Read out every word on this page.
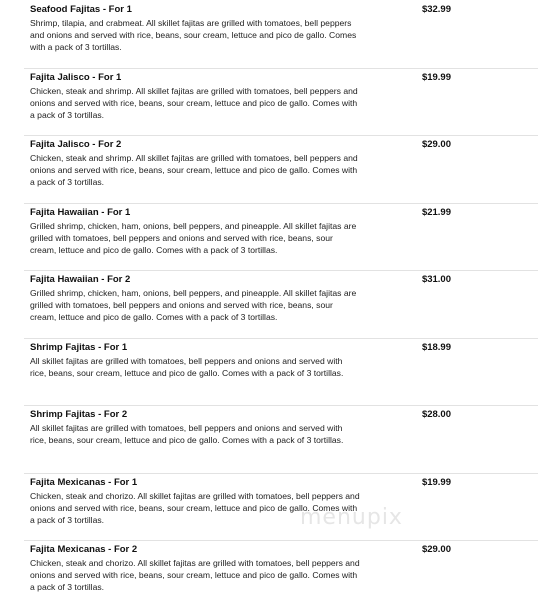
Seafood Fajitas - For 1	$32.99
Shrimp, tilapia, and crabmeat. All skillet fajitas are grilled with tomatoes, bell peppers and onions and served with rice, beans, sour cream, lettuce and pico de gallo. Comes with a pack of 3 tortillas.
Fajita Jalisco - For 1	$19.99
Chicken, steak and shrimp. All skillet fajitas are grilled with tomatoes, bell peppers and onions and served with rice, beans, sour cream, lettuce and pico de gallo. Comes with a pack of 3 tortillas.
Fajita Jalisco - For 2	$29.00
Chicken, steak and shrimp. All skillet fajitas are grilled with tomatoes, bell peppers and onions and served with rice, beans, sour cream, lettuce and pico de gallo. Comes with a pack of 3 tortillas.
Fajita Hawaiian - For 1	$21.99
Grilled shrimp, chicken, ham, onions, bell peppers, and pineapple. All skillet fajitas are grilled with tomatoes, bell peppers and onions and served with rice, beans, sour cream, lettuce and pico de gallo. Comes with a pack of 3 tortillas.
Fajita Hawaiian - For 2	$31.00
Grilled shrimp, chicken, ham, onions, bell peppers, and pineapple. All skillet fajitas are grilled with tomatoes, bell peppers and onions and served with rice, beans, sour cream, lettuce and pico de gallo. Comes with a pack of 3 tortillas.
Shrimp Fajitas - For 1	$18.99
All skillet fajitas are grilled with tomatoes, bell peppers and onions and served with rice, beans, sour cream, lettuce and pico de gallo. Comes with a pack of 3 tortillas.
Shrimp Fajitas - For 2	$28.00
All skillet fajitas are grilled with tomatoes, bell peppers and onions and served with rice, beans, sour cream, lettuce and pico de gallo. Comes with a pack of 3 tortillas.
Fajita Mexicanas - For 1	$19.99
Chicken, steak and chorizo. All skillet fajitas are grilled with tomatoes, bell peppers and onions and served with rice, beans, sour cream, lettuce and pico de gallo. Comes with a pack of 3 tortillas.
Fajita Mexicanas - For 2	$29.00
Chicken, steak and chorizo. All skillet fajitas are grilled with tomatoes, bell peppers and onions and served with rice, beans, sour cream, lettuce and pico de gallo. Comes with a pack of 3 tortillas.
menupix
